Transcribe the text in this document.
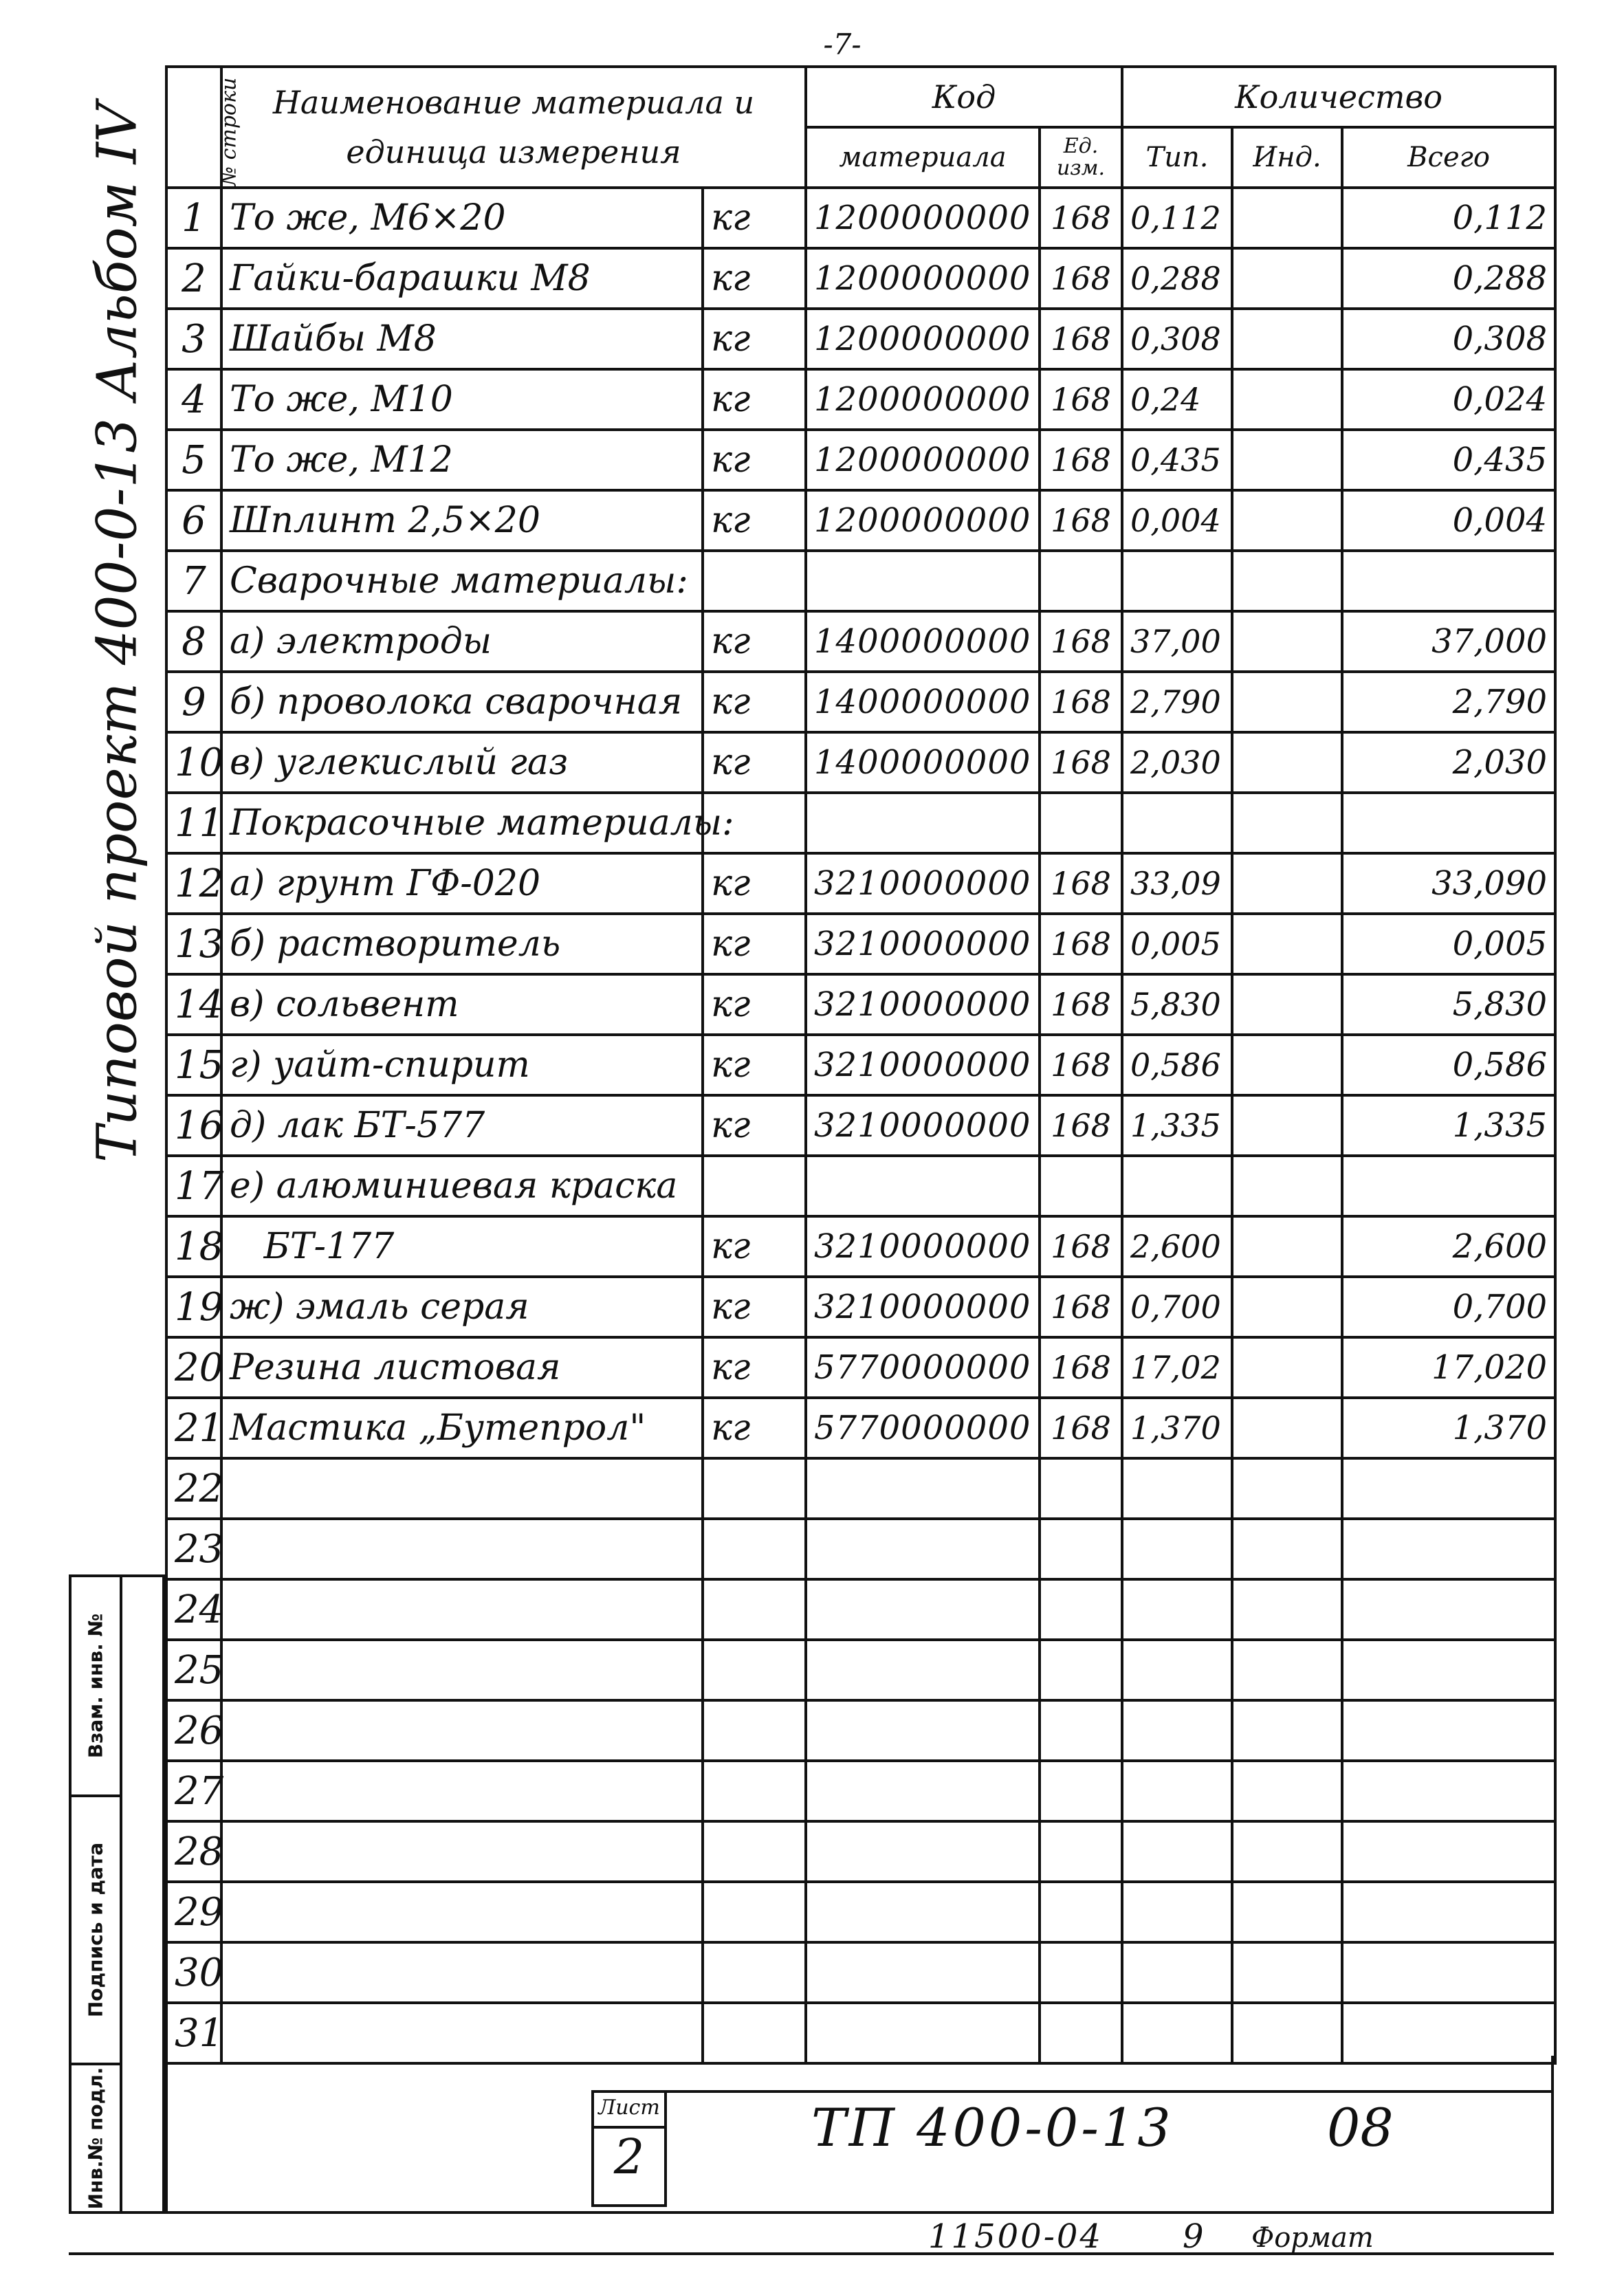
-7-
Типовой проект 400-0-13 Альбом IV
Взам. инв. №
Подпись и дата
Инв.№ подл.
№ строки	Наименование материала и единица измерения		Код		Количество		
			материала	Ед. изм.	Тип.	Инд.	Всего
1	То же, М6×20	кг	1200000000	168	0,112		0,112
2	Гайки-барашки М8	кг	1200000000	168	0,288		0,288
3	Шайбы М8	кг	1200000000	168	0,308		0,308
4	То же, М10	кг	1200000000	168	0,24		0,024
5	То же, М12	кг	1200000000	168	0,435		0,435
6	Шплинт 2,5×20	кг	1200000000	168	0,004		0,004
7	Сварочные материалы:						
8	а) электроды	кг	1400000000	168	37,00		37,000
9	б) проволока сварочная	кг	1400000000	168	2,790		2,790
10	в) углекислый газ	кг	1400000000	168	2,030		2,030
11	Покрасочные материалы:						
12	а) грунт ГФ-020	кг	3210000000	168	33,09		33,090
13	б) растворитель	кг	3210000000	168	0,005		0,005
14	в) сольвент	кг	3210000000	168	5,830		5,830
15	г) уайт-спирит	кг	3210000000	168	0,586		0,586
16	д) лак БТ-577	кг	3210000000	168	1,335		1,335
17	е) алюминиевая краска						
18	БТ-177	кг	3210000000	168	2,600		2,600
19	ж) эмаль серая	кг	3210000000	168	0,700		0,700
20	Резина листовая	кг	5770000000	168	17,02		17,020
21	Мастика „Бутепрол"	кг	5770000000	168	1,370		1,370
22							
23							
24							
25							
26							
27							
28							
29							
30							
31							
Лист
2	ТП 400-0-13	08
11500-04 9 Формат
